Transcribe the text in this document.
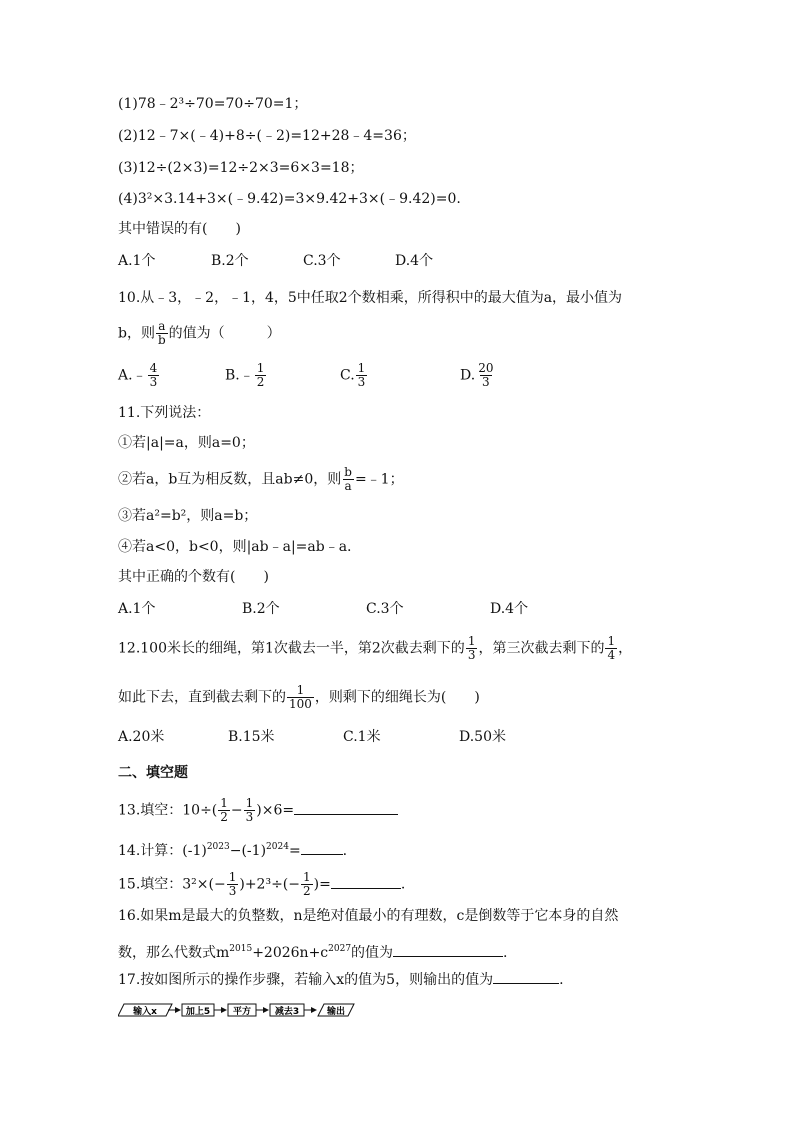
(1)78﹣2³÷70=70÷70=1；
(2)12﹣7×(﹣4)+8÷(﹣2)=12+28﹣4=36；
(3)12÷(2×3)=12÷2×3=6×3=18；
(4)3²×3.14+3×(﹣9.42)=3×9.42+3×(﹣9.42)=0.
其中错误的有(　　)
A.1个	B.2个	C.3个	D.4个
10.从﹣3，﹣2，﹣1，4，5中任取2个数相乘，所得积中的最大值为a，最小值为
b，则 $\frac{a}{b}$ 的值为（　　　）
A.﹣ $\frac{4}{3}$	B.﹣ $\frac{1}{2}$	C. $\frac{1}{3}$	D. $\frac{20}{3}$
11.下列说法：
①若|a|=a，则a=0；
②若a，b互为相反数，且ab≠0，则 $\frac{b}{a}$ =﹣1；
③若a²=b²，则a=b；
④若a<0，b<0，则|ab﹣a|=ab﹣a.
其中正确的个数有(　　)
A.1个	B.2个	C.3个	D.4个
12.100米长的细绳，第1次截去一半，第2次截去剩下的 $\frac{1}{3}$ ，第三次截去剩下的 $\frac{1}{4}$ ，
如此下去，直到截去剩下的 $\frac{1}{100}$ ，则剩下的细绳长为(　　)
A.20米	B.15米	C.1米	D.50米
二、填空题
13.填空：$10\div( \frac{1}{2} - \frac{1}{3} )\times 6=$
14.计算：$(-1)^{2023}-(-1)^{2024}=$	.
15.填空：$3^2\times(- \frac{1}{3} )+2^3\div(- \frac{1}{2}$ )=	.
16.如果m是最大的负整数，n是绝对值最小的有理数，c是倒数等于它本身的自然
数，那么代数式$m^{2015}+2026n+c^{2027}$的值为	.
17.按如图所示的操作步骤，若输入x的值为5，则输出的值为	.
输入x	加上5	平方	减去3	输出
